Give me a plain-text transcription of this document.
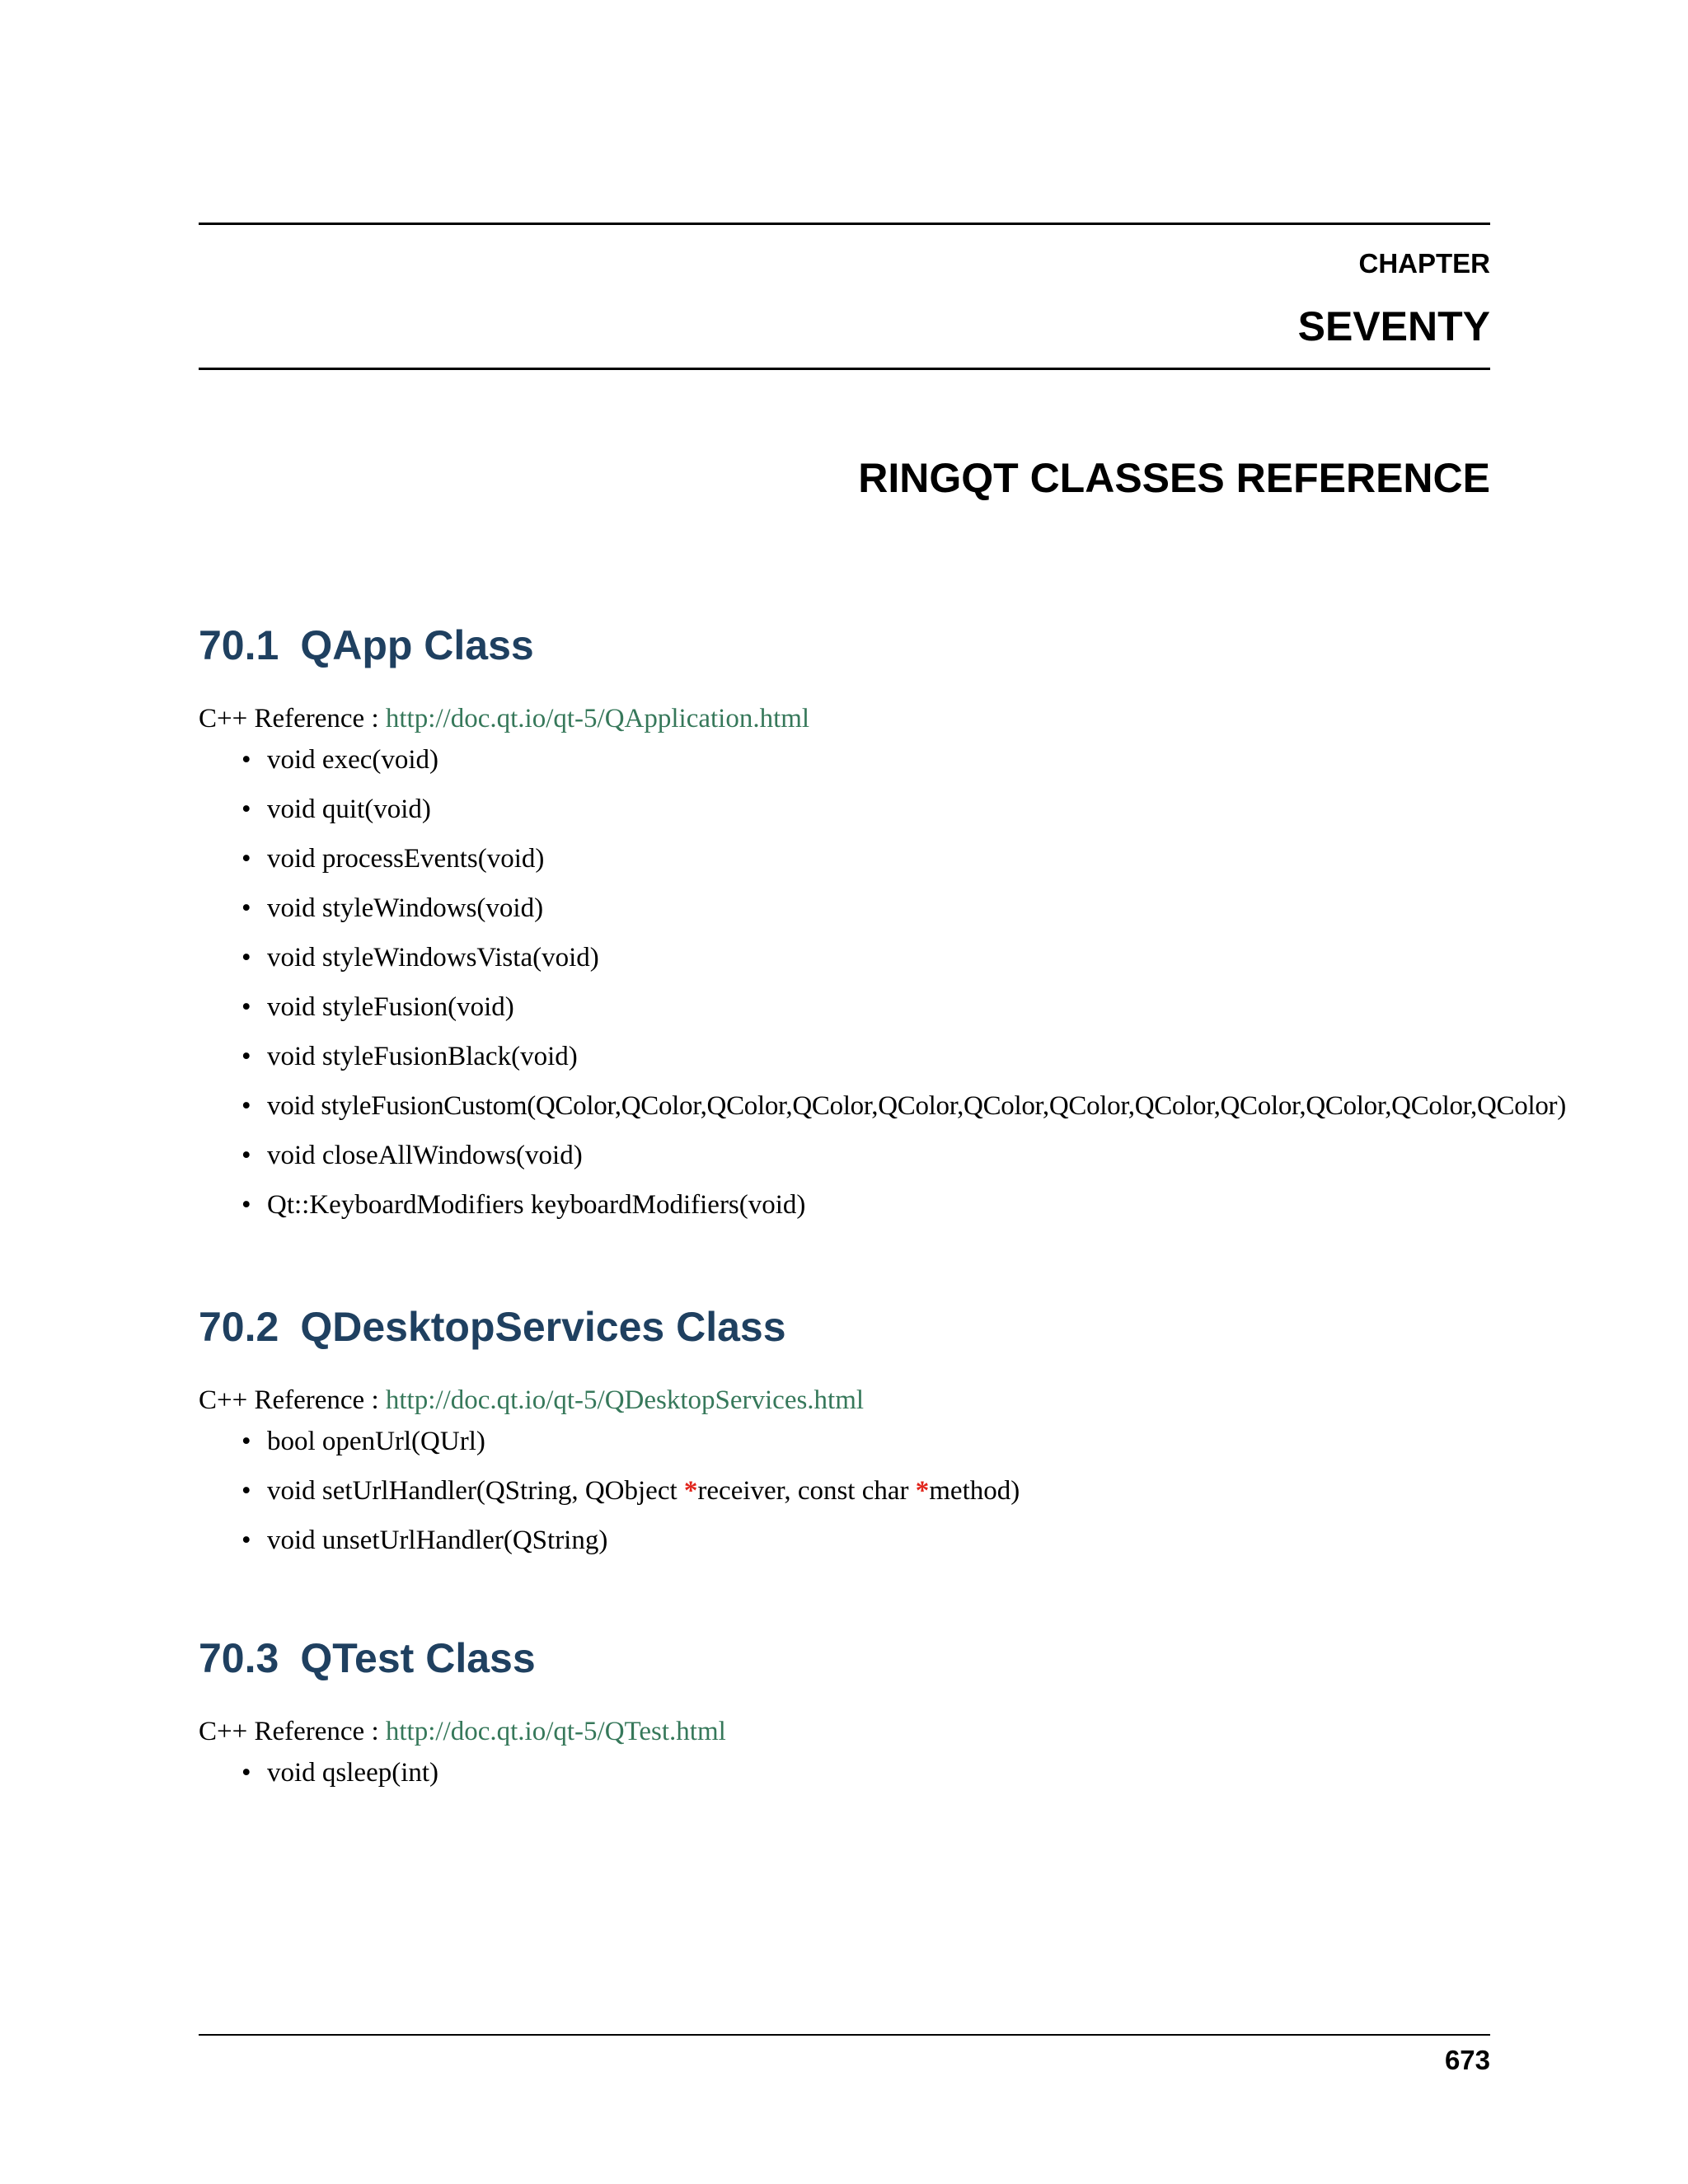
CHAPTER
SEVENTY
RINGQT CLASSES REFERENCE
70.1 QApp Class
C++ Reference : http://doc.qt.io/qt-5/QApplication.html
• void exec(void)
• void quit(void)
• void processEvents(void)
• void styleWindows(void)
• void styleWindowsVista(void)
• void styleFusion(void)
• void styleFusionBlack(void)
• void styleFusionCustom(QColor,QColor,QColor,QColor,QColor,QColor,QColor,QColor,QColor,QColor,QColor,QColor)
• void closeAllWindows(void)
• Qt::KeyboardModifiers keyboardModifiers(void)
70.2 QDesktopServices Class
C++ Reference : http://doc.qt.io/qt-5/QDesktopServices.html
• bool openUrl(QUrl)
• void setUrlHandler(QString, QObject *receiver, const char *method)
• void unsetUrlHandler(QString)
70.3 QTest Class
C++ Reference : http://doc.qt.io/qt-5/QTest.html
• void qsleep(int)
673
